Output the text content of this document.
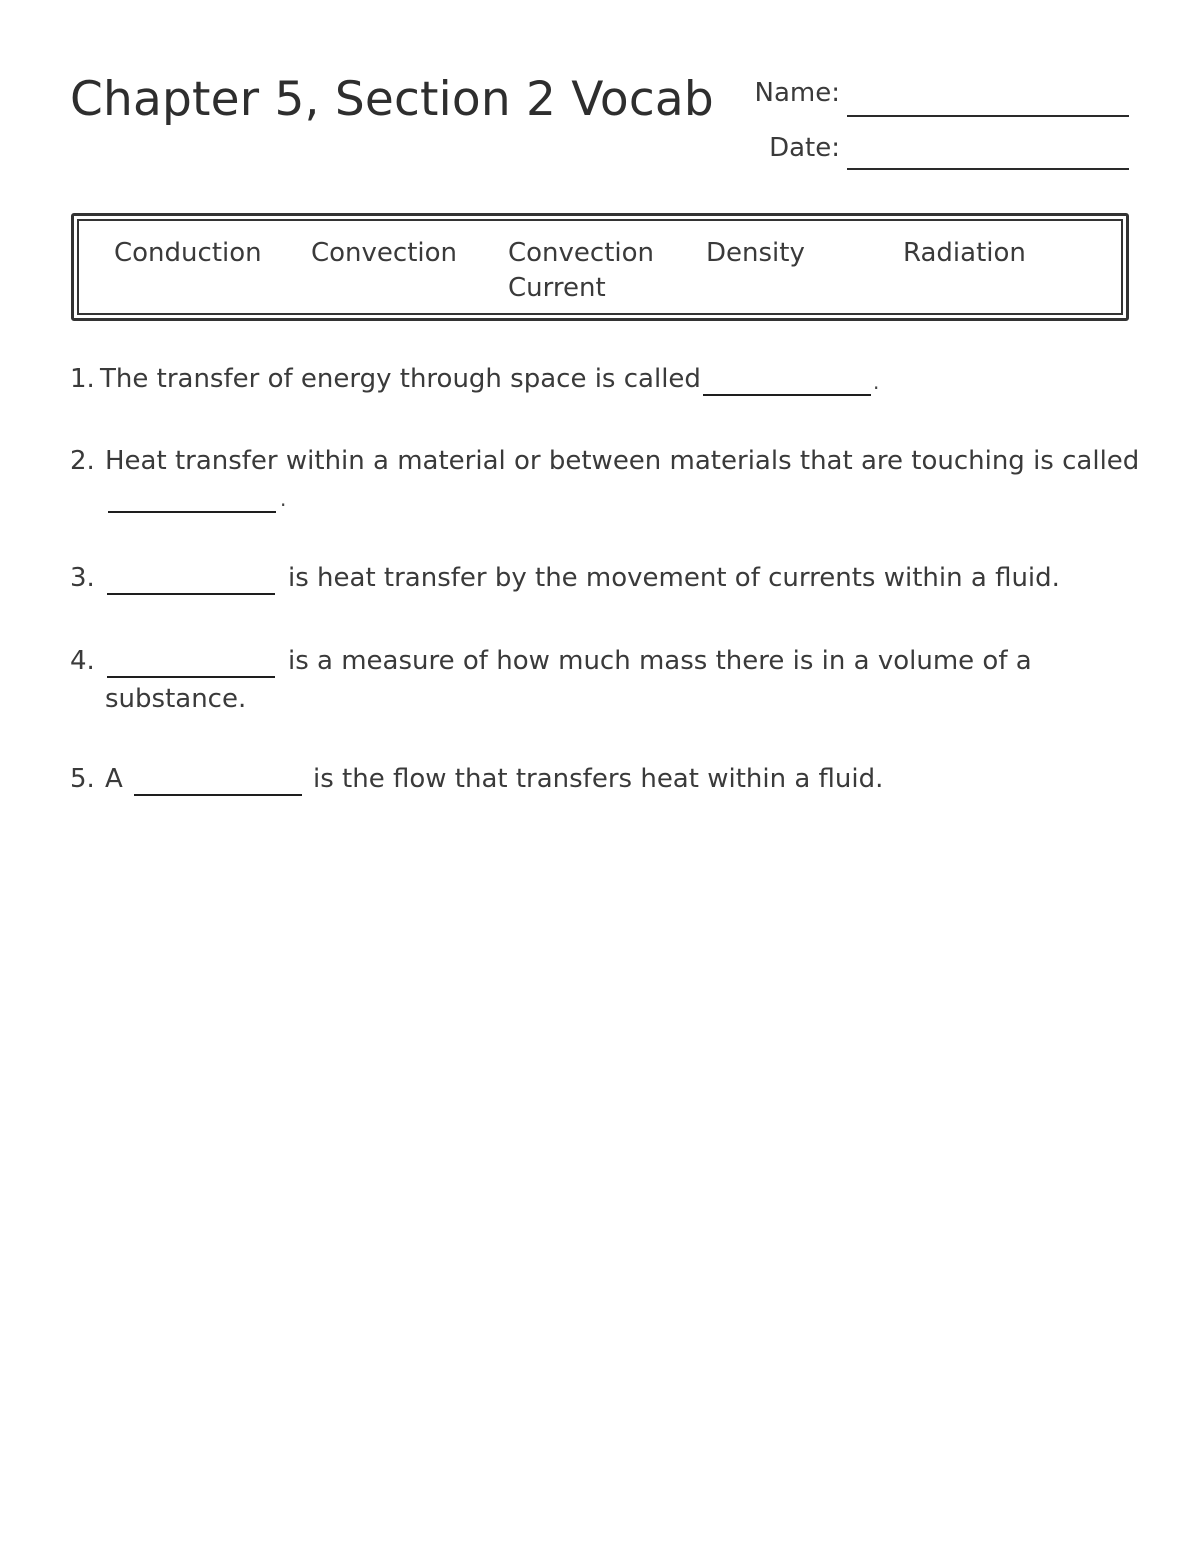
Chapter 5, Section 2 Vocab	Name:
Date:
Conduction	Convection	Convection Current
Density	Radiation
1. The transfer of energy through space is called	.
2. Heat transfer within a material or between materials that are touching is called
.
3.	is heat transfer by the movement of currents within a fluid.
4.	is a measure of how much mass there is in a volume of a
substance.
5. A	is the flow that transfers heat within a fluid.
